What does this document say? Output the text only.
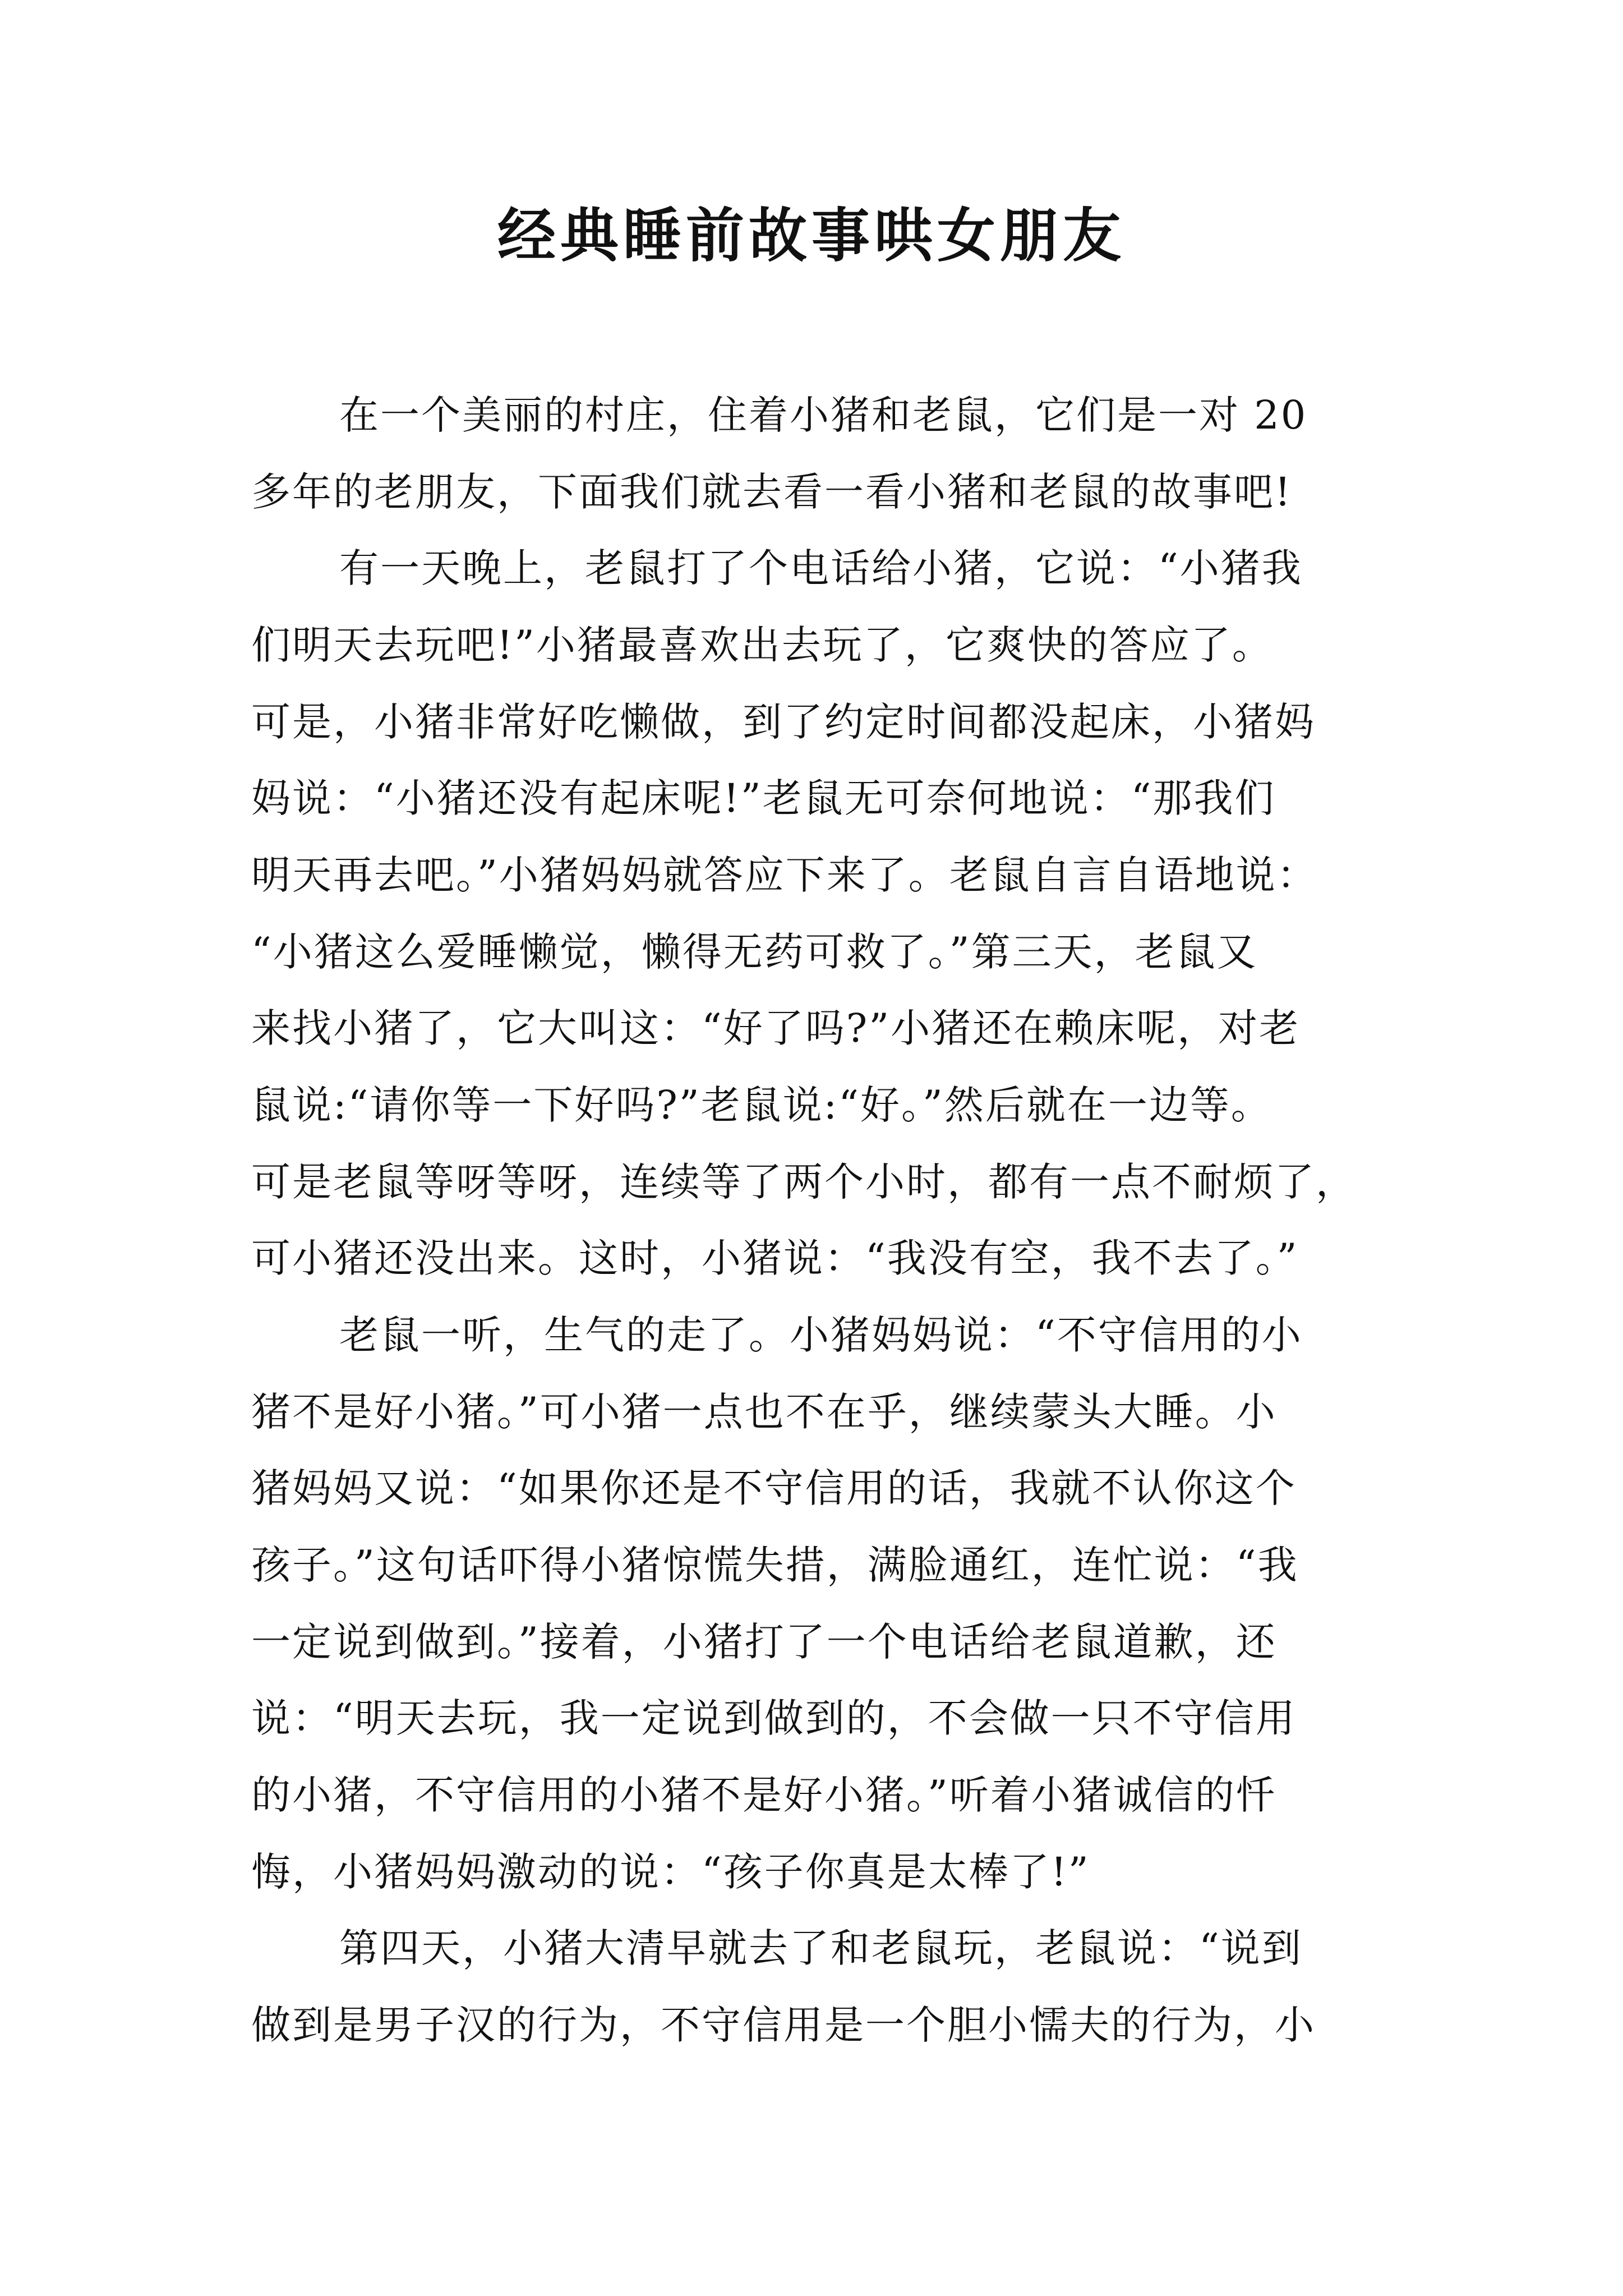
经典睡前故事哄女朋友
在一个美丽的村庄，住着小猪和老鼠，它们是一对 20
多年的老朋友，下面我们就去看一看小猪和老鼠的故事吧!
有一天晚上，老鼠打了个电话给小猪，它说：“小猪我
们明天去玩吧!”小猪最喜欢出去玩了，它爽快的答应了。
可是，小猪非常好吃懒做，到了约定时间都没起床，小猪妈
妈说：“小猪还没有起床呢!”老鼠无可奈何地说：“那我们
明天再去吧。”小猪妈妈就答应下来了。老鼠自言自语地说：
“小猪这么爱睡懒觉，懒得无药可救了。”第三天，老鼠又
来找小猪了，它大叫这：“好了吗?”小猪还在赖床呢，对老
鼠说:“请你等一下好吗?”老鼠说:“好。”然后就在一边等。
可是老鼠等呀等呀，连续等了两个小时，都有一点不耐烦了，
可小猪还没出来。这时，小猪说：“我没有空，我不去了。”
老鼠一听，生气的走了。小猪妈妈说：“不守信用的小
猪不是好小猪。”可小猪一点也不在乎，继续蒙头大睡。小
猪妈妈又说：“如果你还是不守信用的话，我就不认你这个
孩子。”这句话吓得小猪惊慌失措，满脸通红，连忙说：“我
一定说到做到。”接着，小猪打了一个电话给老鼠道歉，还
说：“明天去玩，我一定说到做到的，不会做一只不守信用
的小猪，不守信用的小猪不是好小猪。”听着小猪诚信的忏
悔，小猪妈妈激动的说：“孩子你真是太棒了!”
第四天，小猪大清早就去了和老鼠玩，老鼠说：“说到
做到是男子汉的行为，不守信用是一个胆小懦夫的行为，小
